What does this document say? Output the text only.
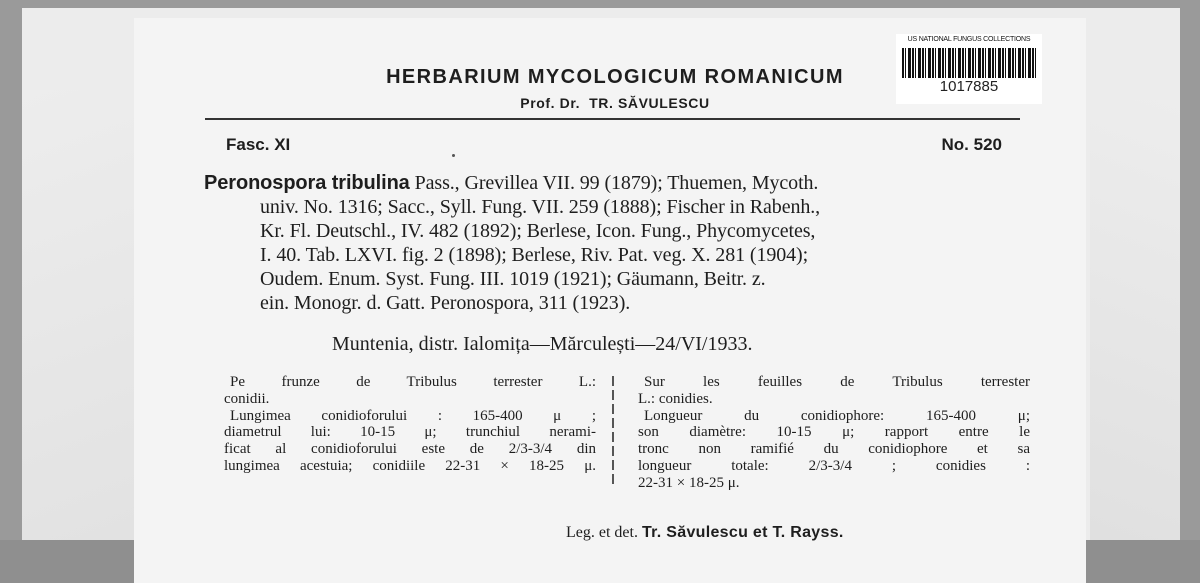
US NATIONAL FUNGUS COLLECTIONS
1017885
HERBARIUM MYCOLOGICUM ROMANICUM
Prof. Dr. TR. SĂVULESCU
Fasc. XI	No. 520
Peronospora tribulina Pass., Grevillea VII. 99 (1879); Thuemen, Mycoth.
univ. No. 1316; Sacc., Syll. Fung. VII. 259 (1888); Fischer in Rabenh.,
Kr. Fl. Deutschl., IV. 482 (1892); Berlese, Icon. Fung., Phycomycetes,
I. 40. Tab. LXVI. fig. 2 (1898); Berlese, Riv. Pat. veg. X. 281 (1904);
Oudem. Enum. Syst. Fung. III. 1019 (1921); Gäumann, Beitr. z.
ein. Monogr. d. Gatt. Peronospora, 311 (1923).
Muntenia, distr. Ialomița—Mărculești—24/VI/1933.
Pe frunze de Tribulus terrester L.:
conidii.
Lungimea conidioforului : 165-400 μ ;
diametrul lui: 10-15 μ; trunchiul nerami-
ficat al conidioforului este de 2/3-3/4 din
lungimea acestuia; conidiile 22-31 × 18-25 μ.
Sur les feuilles de Tribulus terrester
L.: conidies.
Longueur du conidiophore: 165-400 μ;
son diamètre: 10-15 μ; rapport entre le
tronc non ramifié du conidiophore et sa
longueur totale: 2/3-3/4 ; conidies :
22-31 × 18-25 μ.
Leg. et det. Tr. Săvulescu et T. Rayss.
